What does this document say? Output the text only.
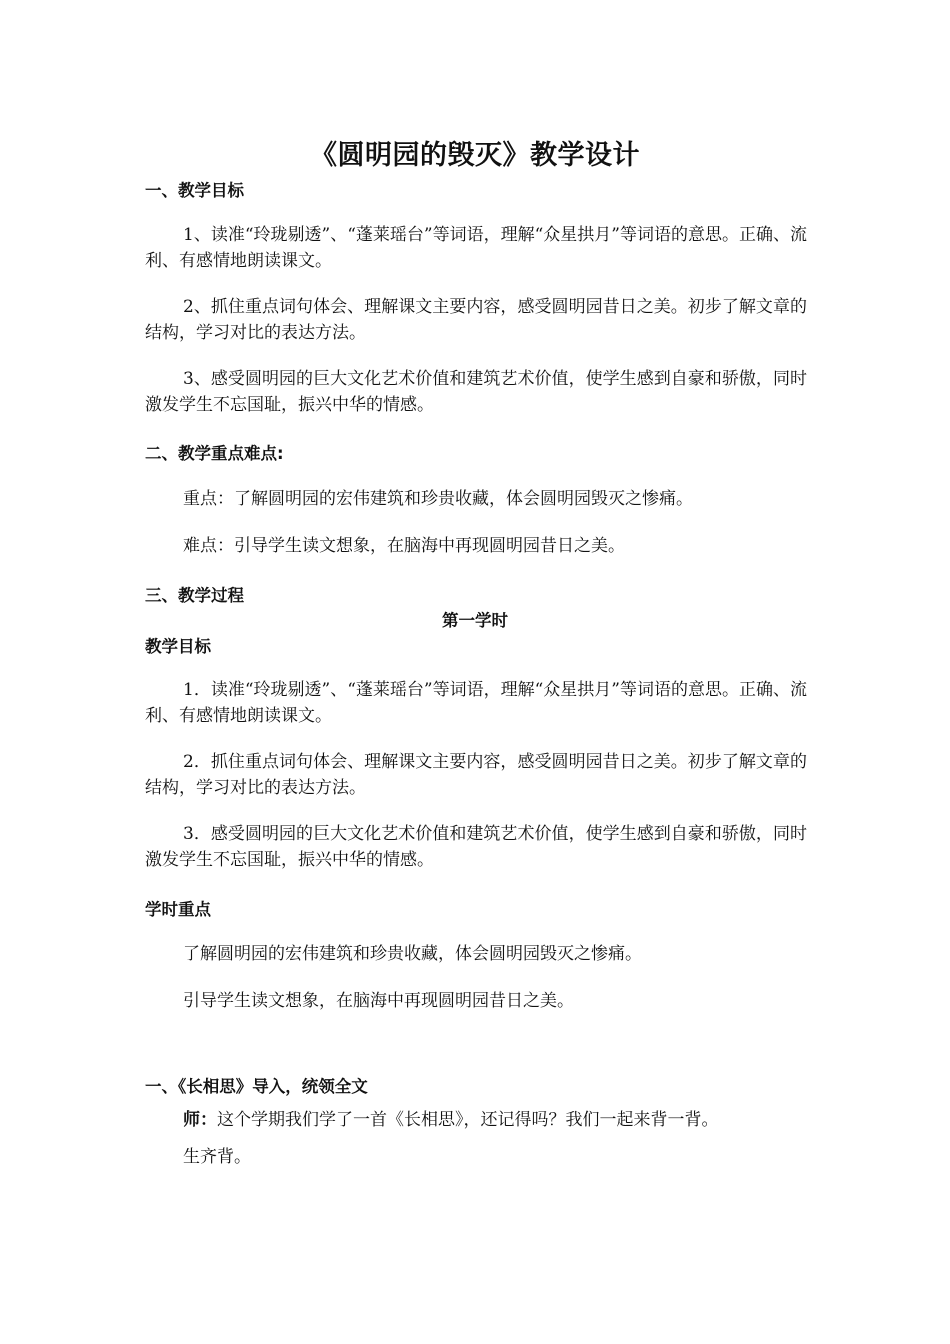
《圆明园的毁灭》教学设计
一、教学目标
1、读准“玲珑剔透”、“蓬莱瑶台”等词语，理解“众星拱月”等词语的意思。正确、流利、有感情地朗读课文。
2、抓住重点词句体会、理解课文主要内容，感受圆明园昔日之美。初步了解文章的结构，学习对比的表达方法。
3、感受圆明园的巨大文化艺术价值和建筑艺术价值，使学生感到自豪和骄傲，同时激发学生不忘国耻，振兴中华的情感。
二、教学重点难点:
重点：了解圆明园的宏伟建筑和珍贵收藏，体会圆明园毁灭之惨痛。
难点：引导学生读文想象，在脑海中再现圆明园昔日之美。
三、教学过程
第一学时
教学目标
1．读准“玲珑剔透”、“蓬莱瑶台”等词语，理解“众星拱月”等词语的意思。正确、流利、有感情地朗读课文。
2．抓住重点词句体会、理解课文主要内容，感受圆明园昔日之美。初步了解文章的结构，学习对比的表达方法。
3．感受圆明园的巨大文化艺术价值和建筑艺术价值，使学生感到自豪和骄傲，同时激发学生不忘国耻，振兴中华的情感。
学时重点
了解圆明园的宏伟建筑和珍贵收藏，体会圆明园毁灭之惨痛。
引导学生读文想象，在脑海中再现圆明园昔日之美。
一、《长相思》导入，统领全文
师：这个学期我们学了一首《长相思》，还记得吗？我们一起来背一背。
生齐背。
